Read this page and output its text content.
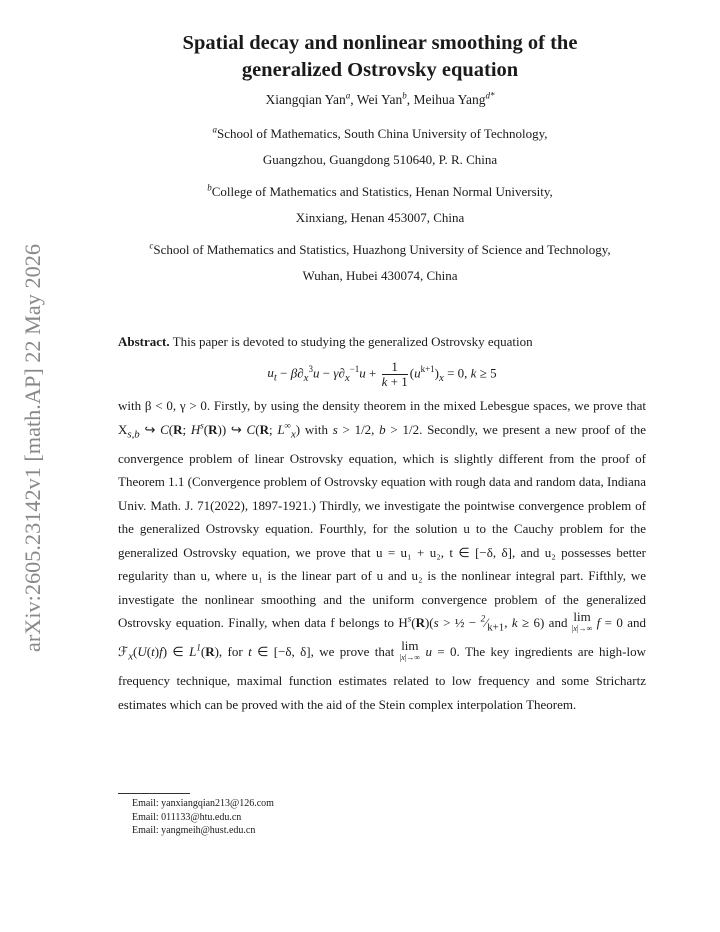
arXiv:2605.23142v1 [math.AP] 22 May 2026
Spatial decay and nonlinear smoothing of the
generalized Ostrovsky equation
Xiangqian Yan$^a$, Wei Yan$^b$, Meihua Yang$^{d*}$
$^a$School of Mathematics, South China University of Technology,
Guangzhou, Guangdong 510640, P. R. China
$^b$College of Mathematics and Statistics, Henan Normal University,
Xinxiang, Henan 453007, China
$^c$School of Mathematics and Statistics, Huazhong University of Science and Technology,
Wuhan, Hubei 430074, China
Abstract. This paper is devoted to studying the generalized Ostrovsky equation
$u_t - \beta\partial_x^3u - \gamma\partial_x^{-1}u + \frac{1}{k + 1} (u^{k+1})_x = 0$, k ≥ 5
with β < 0, γ > 0. Firstly, by using the density theorem in the mixed Lebesgue spaces, we prove that $X_{s,b}$ ↪ C(R; $H^s(R)$) ↪ C(R; $L^\infty_x$) with s > 1/2, b > 1/2. Secondly, we present a new proof of the convergence problem of linear Ostrovsky equation, which is slightly different from the proof of Theorem 1.1 (Convergence problem of Ostrovsky equation with rough data and random data, Indiana Univ. Math. J. 71(2022), 1897-1921.) Thirdly, we investigate the pointwise convergence problem of the generalized Ostrovsky equation. Fourthly, for the solution u to the Cauchy problem for the generalized Ostrovsky equation, we prove that u = u₁ + u₂, t ∈ [−δ, δ], and u₂ possesses better regularity than u, where u₁ is the linear part of u and u₂ is the nonlinear integral part. Fifthly, we investigate the nonlinear smoothing and the uniform convergence problem of the generalized Ostrovsky equation. Finally, when data f belongs to $H^s(R)(s$ > ½ − $^2⁄_{k+1}$, k ≥ 6) and lim
|x|→∞ f = 0 and ℱ$_x$(U(t)f) ∈ $L^1(R)$, for t ∈ [−δ, δ], we prove that lim
|x|→∞ u = 0. The key ingredients are high-low frequency technique, maximal function estimates related to low frequency and some Strichartz estimates which can be proved with the aid of the Stein complex interpolation Theorem.
Email: yanxiangqian213@126.com
Email: 011133@htu.edu.cn
Email: yangmeih@hust.edu.cn
